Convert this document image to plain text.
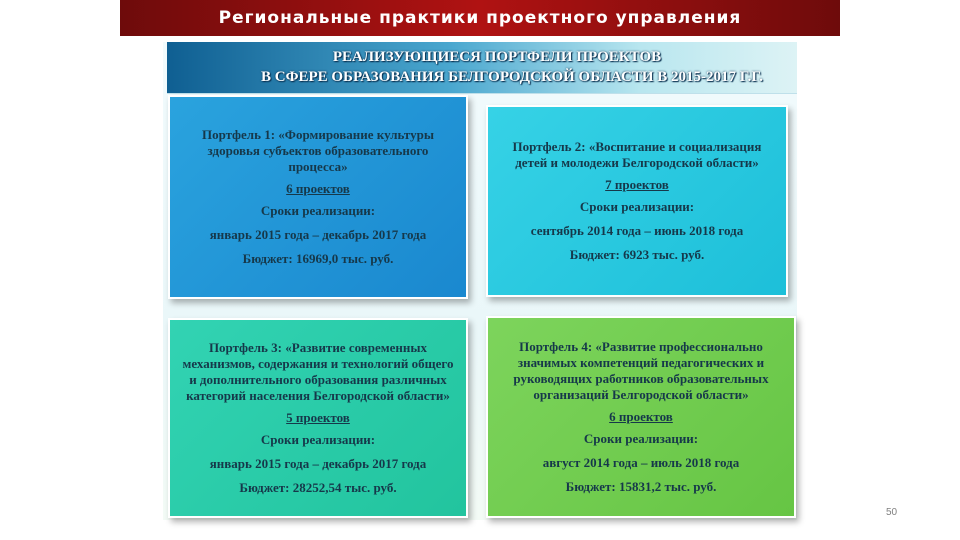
Региональные практики проектного управления
РЕАЛИЗУЮЩИЕСЯ ПОРТФЕЛИ ПРОЕКТОВ
В СФЕРЕ ОБРАЗОВАНИЯ БЕЛГОРОДСКОЙ ОБЛАСТИ В 2015-2017 Г.Г.
Портфель 1: «Формирование культуры здоровья субъектов образовательного процесса»
6 проектов
Сроки реализации:
январь 2015 года – декабрь 2017 года
Бюджет: 16969,0 тыс. руб.
Портфель 2: «Воспитание и социализация детей и молодежи Белгородской области»
7 проектов
Сроки реализации:
сентябрь 2014 года – июнь 2018 года
Бюджет: 6923 тыс. руб.
Портфель 3: «Развитие современных механизмов, содержания и технологий общего и дополнительного образования различных категорий населения Белгородской области»
5 проектов
Сроки реализации:
январь 2015 года – декабрь 2017 года
Бюджет: 28252,54 тыс. руб.
Портфель 4: «Развитие профессионально значимых компетенций педагогических и руководящих работников образовательных организаций Белгородской области»
6 проектов
Сроки реализации:
август 2014 года – июль 2018 года
Бюджет: 15831,2 тыс. руб.
50
